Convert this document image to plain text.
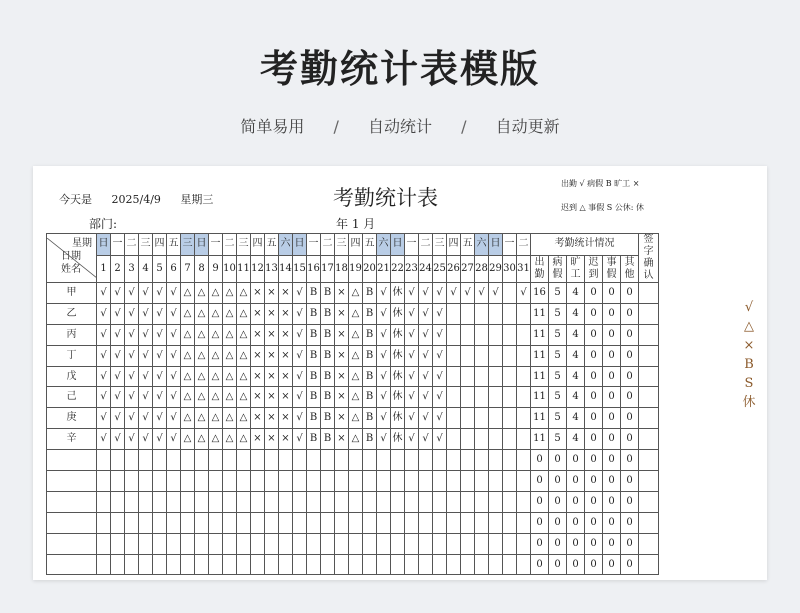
考勤统计表模版
简单易用 / 自动统计 / 自动更新
今天是 2025/4/9 星期三	考勤统计表
出勤 √ 病假 B 旷工 ×
迟到 △ 事假 S 公休: 休
部门:	年 1 月
星期
日期
姓名	日	一	二	三	四	五	三	日	一	二	三	四	五	六	日	一	二	三	四	五	六	日	一	二	三	四	五	六	日	一	二	考勤统计情况						签字确认

	1	2	3	4	5	6	7	8	9	10	11	12	13	14	15	16	17	18	19	20	21	22	23	24	25	26	27	28	29	30	31	出勤	病假	旷工	迟到	事假	其他	

甲	√	√	√	√	√	√	△	△	△	△	△	×	×	×	√	B	B	×	△	B	√	休	√	√	√	√	√	√	√		√	16	5	4	0	0	0	
乙	√	√	√	√	√	√	△	△	△	△	△	×	×	×	√	B	B	×	△	B	√	休	√	√	√							11	5	4	0	0	0	
丙	√	√	√	√	√	√	△	△	△	△	△	×	×	×	√	B	B	×	△	B	√	休	√	√	√							11	5	4	0	0	0	
丁	√	√	√	√	√	√	△	△	△	△	△	×	×	×	√	B	B	×	△	B	√	休	√	√	√							11	5	4	0	0	0	
戊	√	√	√	√	√	√	△	△	△	△	△	×	×	×	√	B	B	×	△	B	√	休	√	√	√							11	5	4	0	0	0	
己	√	√	√	√	√	√	△	△	△	△	△	×	×	×	√	B	B	×	△	B	√	休	√	√	√							11	5	4	0	0	0	
庚	√	√	√	√	√	√	△	△	△	△	△	×	×	×	√	B	B	×	△	B	√	休	√	√	√							11	5	4	0	0	0	
辛	√	√	√	√	√	√	△	△	△	△	△	×	×	×	√	B	B	×	△	B	√	休	√	√	√							11	5	4	0	0	0	
																																0	0	0	0	0	0	
																																0	0	0	0	0	0	
																																0	0	0	0	0	0	
																																0	0	0	0	0	0	
																																0	0	0	0	0	0	
																																0	0	0	0	0	0	
√
△
×
B
S
休
